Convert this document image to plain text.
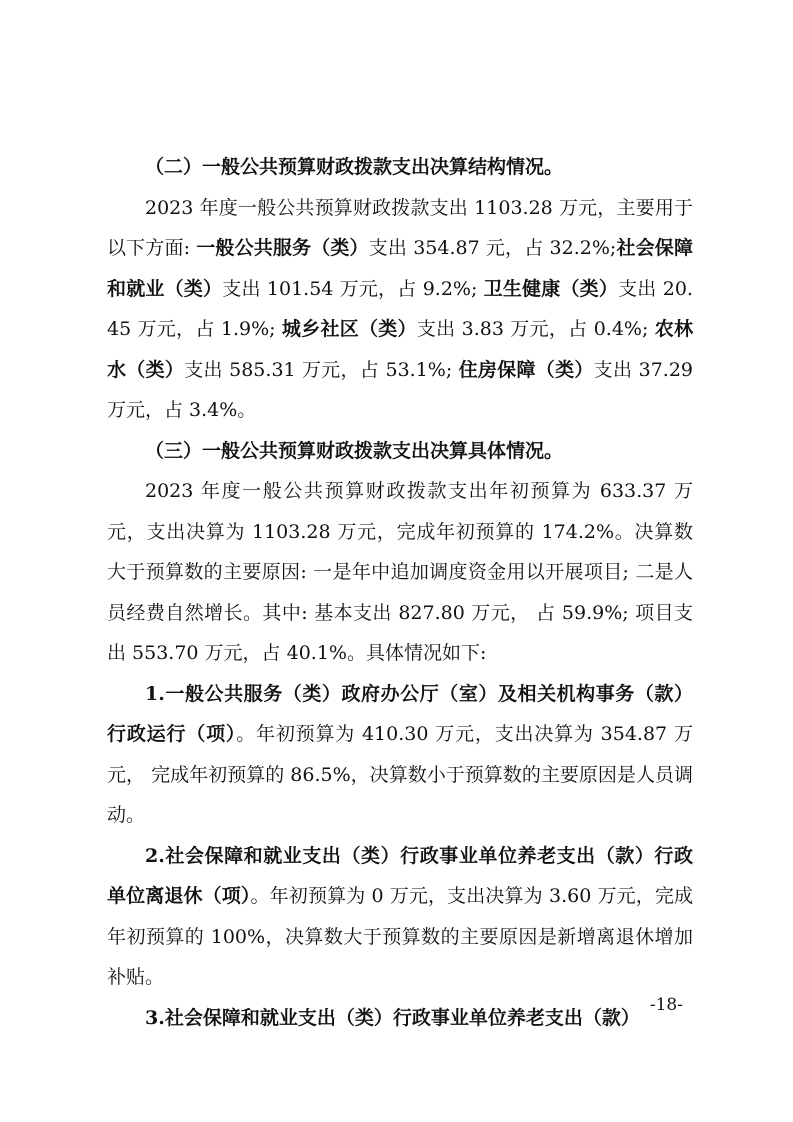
（二）一般公共预算财政拨款支出决算结构情况。

2023 年度一般公共预算财政拨款支出 1103.28 万元，主要用于以下方面: 一般公共服务（类）支出 354.87 元，占 32.2%;社会保障和就业（类）支出 101.54 万元，占 9.2%; 卫生健康（类）支出 20.45 万元，占 1.9%; 城乡社区（类）支出 3.83 万元，占 0.4%; 农林水（类）支出 585.31 万元，占 53.1%; 住房保障（类）支出 37.29 万元，占 3.4%。

（三）一般公共预算财政拨款支出决算具体情况。

2023 年度一般公共预算财政拨款支出年初预算为 633.37 万元，支出决算为 1103.28 万元，完成年初预算的 174.2%。决算数大于预算数的主要原因: 一是年中追加调度资金用以开展项目; 二是人员经费自然增长。其中: 基本支出 827.80 万元， 占 59.9%; 项目支出 553.70 万元，占 40.1%。具体情况如下:

1.一般公共服务（类）政府办公厅（室）及相关机构事务（款）行政运行（项）。年初预算为 410.30 万元，支出决算为 354.87 万元， 完成年初预算的 86.5%，决算数小于预算数的主要原因是人员调动。

2.社会保障和就业支出（类）行政事业单位养老支出（款）行政单位离退休（项）。年初预算为 0 万元，支出决算为 3.60 万元，完成年初预算的 100%，决算数大于预算数的主要原因是新增离退休增加补贴。

3.社会保障和就业支出（类）行政事业单位养老支出（款）

-18-
